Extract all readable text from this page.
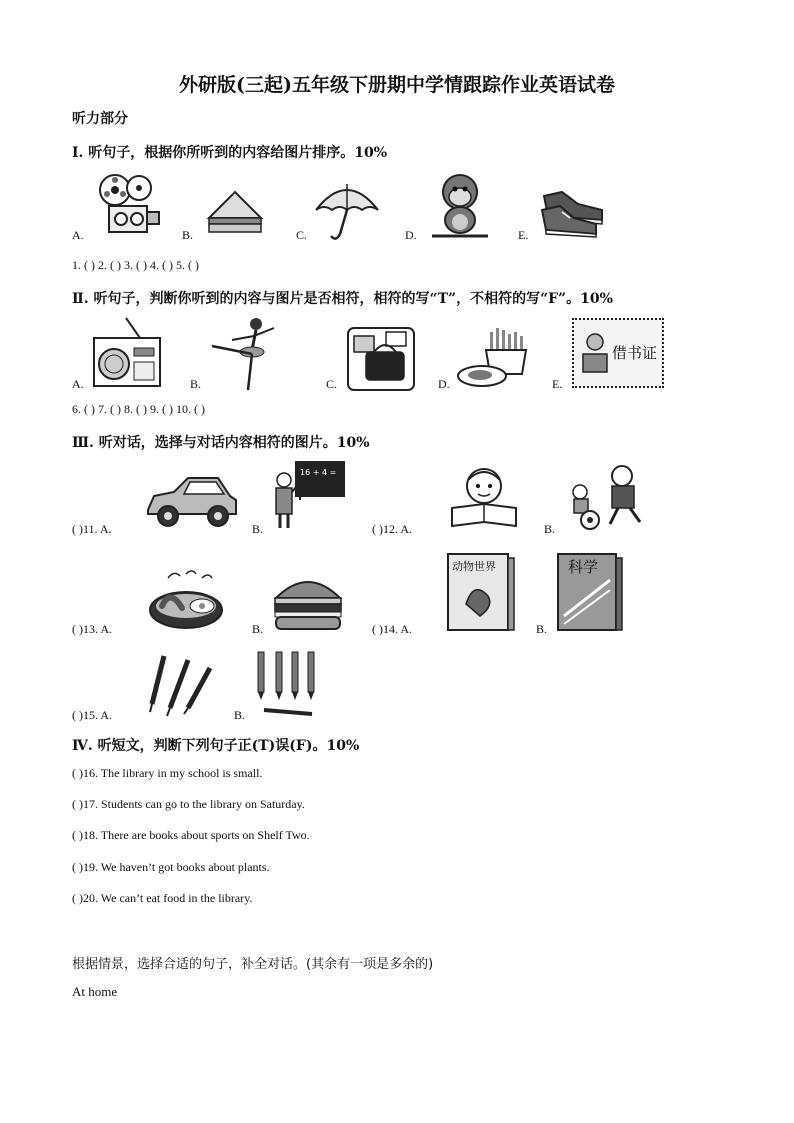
外研版(三起)五年级下册期中学情跟踪作业英语试卷
听力部分
Ⅰ. 听句子，根据你所听到的内容给图片排序。10%
A.	B.	C.	D.	E.
1. ( ) 2. ( ) 3. ( ) 4. ( ) 5. ( )
Ⅱ. 听句子，判断你听到的内容与图片是否相符，相符的写“T”，不相符的写“F”。10%
A.	B.	C.	D.
借书证
E.
6. ( ) 7. ( ) 8. ( ) 9. ( ) 10. ( )
Ⅲ. 听对话，选择与对话内容相符的图片。10%
( )11. A.	B.
16 + 4 =
( )12. A.	B.
( )13. A.	B.	( )14. A.
动物世界
B.
科学
( )15. A.	B.
Ⅳ. 听短文，判断下列句子正(T)误(F)。10%
( )16. The library in my school is small.
( )17. Students can go to the library on Saturday.
( )18. There are books about sports on Shelf Two.
( )19. We haven’t got books about plants.
( )20. We can’t eat food in the library.
根据情景，选择合适的句子，补全对话。(其余有一项是多余的)
At home
